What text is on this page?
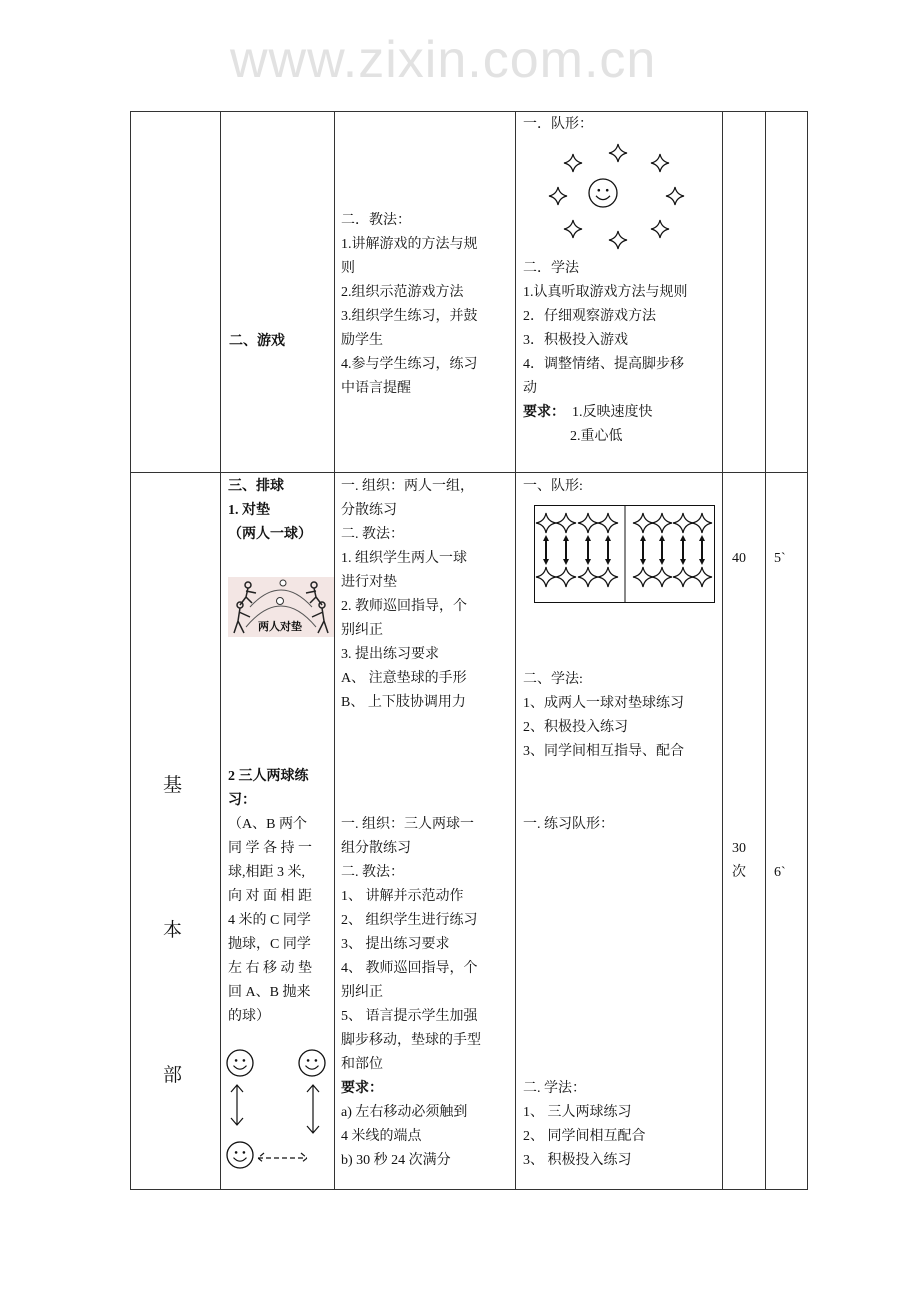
www.zixin.com.cn
二、游戏
二．教法：
1.讲解游戏的方法与规
则
2.组织示范游戏方法
3.组织学生练习，并鼓
励学生
4.参与学生练习，练习
中语言提醒
一．队形：
二．学法
1.认真听取游戏方法与规则
2．仔细观察游戏方法
3．积极投入游戏
4．调整情绪、提高脚步移
动
要求： 1.反映速度快
2.重心低
基
本
部
三、排球
1. 对垫
（两人一球）
2 三人两球练
习：
（A、B 两个
同 学 各 持 一
球,相距 3 米,
向 对 面 相 距
4 米的 C 同学
抛球，C 同学
左 右 移 动 垫
回 A、B 抛来
的球）
一. 组织：两人一组，
分散练习
二. 教法：
1. 组织学生两人一球
进行对垫
2. 教师巡回指导，个
别纠正
3. 提出练习要求
A、 注意垫球的手形
B、 上下肢协调用力
一. 组织：三人两球一
组分散练习
二. 教法：
1、 讲解并示范动作
2、 组织学生进行练习
3、 提出练习要求
4、 教师巡回指导，个
别纠正
5、 语言提示学生加强
脚步移动，垫球的手型
和部位
要求：
a) 左右移动必须触到
4 米线的端点
b) 30 秒 24 次满分
一、队形:
二、学法:
1、成两人一球对垫球练习
2、积极投入练习
3、同学间相互指导、配合
一. 练习队形：
二. 学法：
1、 三人两球练习
2、 同学间相互配合
3、 积极投入练习
40 5`
30
次 6`
两人对垫
